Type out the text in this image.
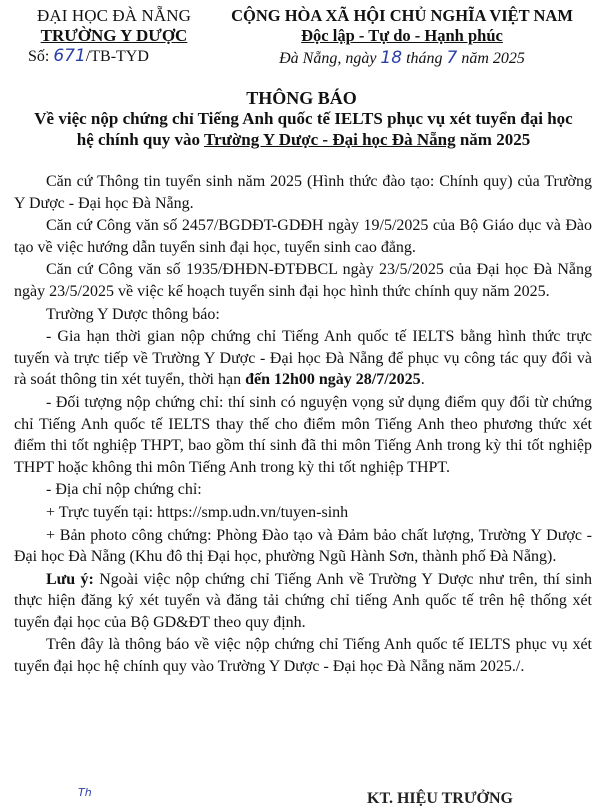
ĐẠI HỌC ĐÀ NẴNG
TRƯỜNG Y DƯỢC
Số: 671/TB-TYD
CỘNG HÒA XÃ HỘI CHỦ NGHĨA VIỆT NAM
Độc lập - Tự do - Hạnh phúc
Đà Nẵng, ngày 18 tháng 7 năm 2025
THÔNG BÁO
Về việc nộp chứng chỉ Tiếng Anh quốc tế IELTS phục vụ xét tuyển đại học
hệ chính quy vào Trường Y Dược - Đại học Đà Nẵng năm 2025

Căn cứ Thông tin tuyển sinh năm 2025 (Hình thức đào tạo: Chính quy) của Trường Y Dược - Đại học Đà Nẵng.

Căn cứ Công văn số 2457/BGDĐT-GDĐH ngày 19/5/2025 của Bộ Giáo dục và Đào tạo về việc hướng dẫn tuyển sinh đại học, tuyển sinh cao đẳng.

Căn cứ Công văn số 1935/ĐHĐN-ĐTĐBCL ngày 23/5/2025 của Đại học Đà Nẵng ngày 23/5/2025 về việc kế hoạch tuyển sinh đại học hình thức chính quy năm 2025.

Trường Y Dược thông báo:

- Gia hạn thời gian nộp chứng chỉ Tiếng Anh quốc tế IELTS bằng hình thức trực tuyến và trực tiếp về Trường Y Dược - Đại học Đà Nẵng để phục vụ công tác quy đổi và rà soát thông tin xét tuyển, thời hạn đến 12h00 ngày 28/7/2025.

- Đối tượng nộp chứng chỉ: thí sinh có nguyện vọng sử dụng điểm quy đổi từ chứng chỉ Tiếng Anh quốc tế IELTS thay thế cho điểm môn Tiếng Anh theo phương thức xét điểm thi tốt nghiệp THPT, bao gồm thí sinh đã thi môn Tiếng Anh trong kỳ thi tốt nghiệp THPT hoặc không thi môn Tiếng Anh trong kỳ thi tốt nghiệp THPT.

- Địa chỉ nộp chứng chỉ:

+ Trực tuyến tại: https://smp.udn.vn/tuyen-sinh

+ Bản photo công chứng: Phòng Đào tạo và Đảm bảo chất lượng, Trường Y Dược - Đại học Đà Nẵng (Khu đô thị Đại học, phường Ngũ Hành Sơn, thành phố Đà Nẵng).

Lưu ý: Ngoài việc nộp chứng chỉ Tiếng Anh về Trường Y Dược như trên, thí sinh thực hiện đăng ký xét tuyển và đăng tải chứng chỉ tiếng Anh quốc tế trên hệ thống xét tuyển đại học của Bộ GD&ĐT theo quy định.

Trên đây là thông báo về việc nộp chứng chỉ Tiếng Anh quốc tế IELTS phục vụ xét tuyển đại học hệ chính quy vào Trường Y Dược - Đại học Đà Nẵng năm 2025./.

Th	KT. HIỆU TRƯỞNG
